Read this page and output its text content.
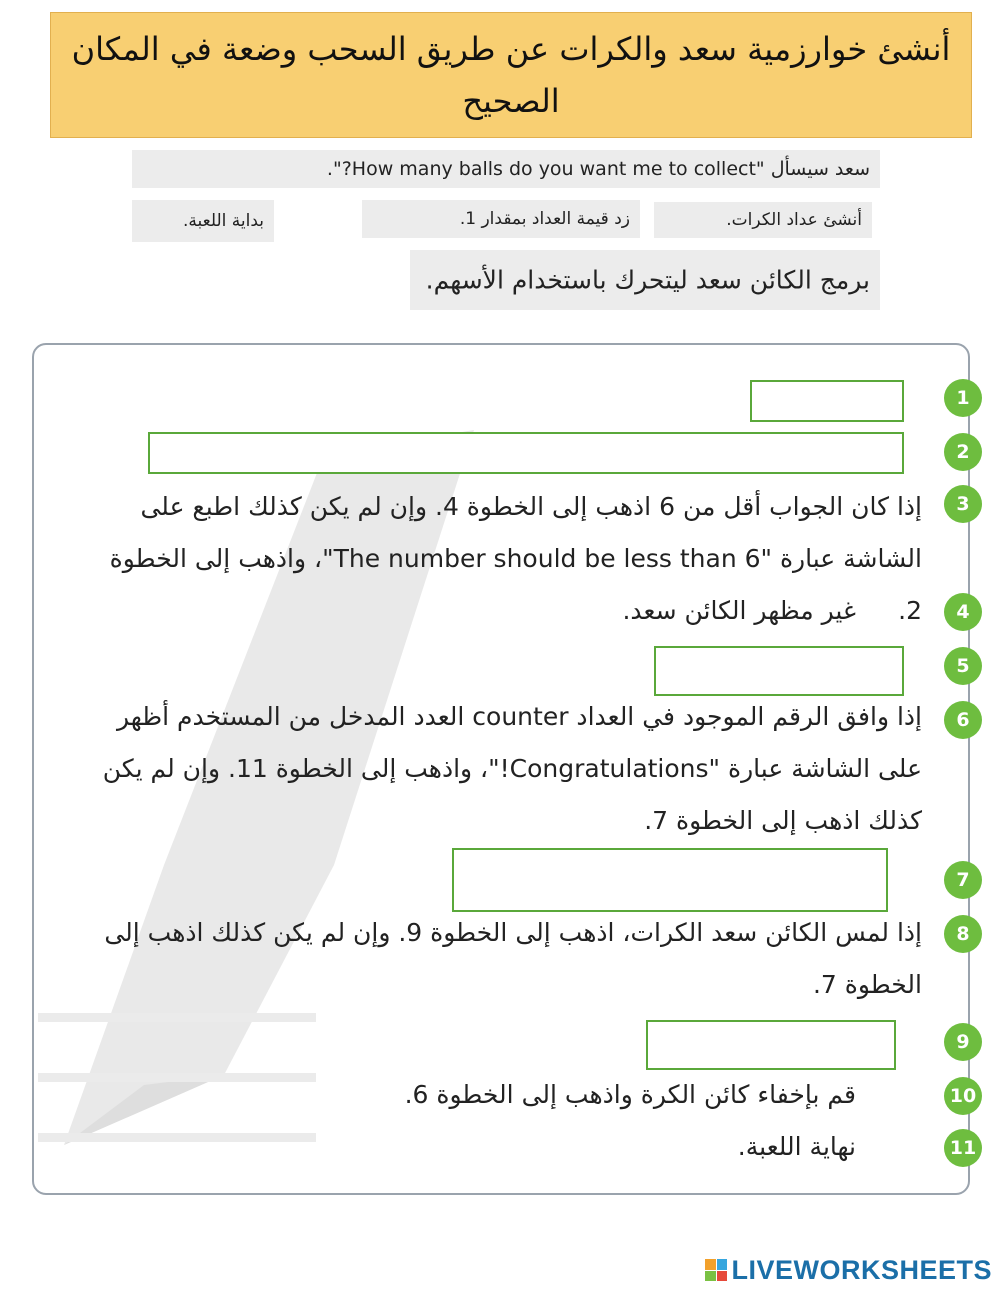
أنشئ خوارزمية سعد والكرات عن طريق السحب وضعة في المكان الصحيح
سعد سيسأل "How many balls do you want me to collect?".
بداية اللعبة.	زد قيمة العداد بمقدار 1.	أنشئ عداد الكرات.
برمج الكائن سعد ليتحرك باستخدام الأسهم.
1
2
3
إذا كان الجواب أقل من 6 اذهب إلى الخطوة 4. وإن لم يكن كذلك اطبع على الشاشة عبارة "The number should be less than 6"، واذهب إلى الخطوة 2. 4
غير مظهر الكائن سعد.
5
6
إذا وافق الرقم الموجود في العداد counter العدد المدخل من المستخدم أظهر على الشاشة عبارة "Congratulations!"، واذهب إلى الخطوة 11. وإن لم يكن كذلك اذهب إلى الخطوة 7.
7
8
إذا لمس الكائن سعد الكرات، اذهب إلى الخطوة 9. وإن لم يكن كذلك اذهب إلى الخطوة 7.
9
10
قم بإخفاء كائن الكرة واذهب إلى الخطوة 6.
11
نهاية اللعبة.
LIVEWORKSHEETS
